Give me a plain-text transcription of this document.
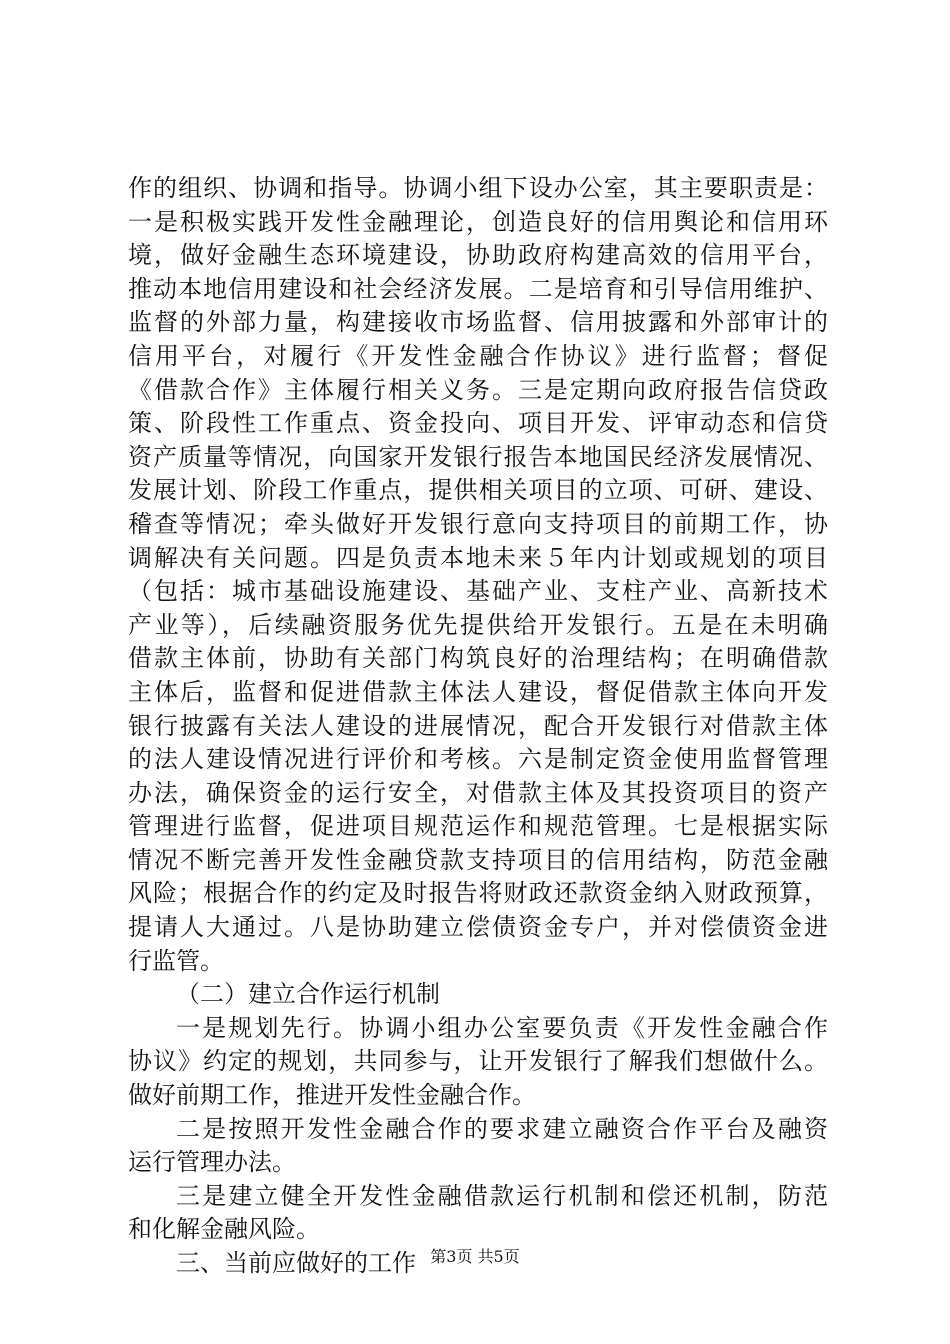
作的组织、协调和指导。协调小组下设办公室，其主要职责是：
一是积极实践开发性金融理论，创造良好的信用舆论和信用环
境，做好金融生态环境建设，协助政府构建高效的信用平台，
推动本地信用建设和社会经济发展。二是培育和引导信用维护、
监督的外部力量，构建接收市场监督、信用披露和外部审计的
信用平台，对履行《开发性金融合作协议》进行监督；督促
《借款合作》主体履行相关义务。三是定期向政府报告信贷政
策、阶段性工作重点、资金投向、项目开发、评审动态和信贷
资产质量等情况，向国家开发银行报告本地国民经济发展情况、
发展计划、阶段工作重点，提供相关项目的立项、可研、建设、
稽查等情况；牵头做好开发银行意向支持项目的前期工作，协
调解决有关问题。四是负责本地未来５年内计划或规划的项目
（包括：城市基础设施建设、基础产业、支柱产业、高新技术
产业等），后续融资服务优先提供给开发银行。五是在未明确
借款主体前，协助有关部门构筑良好的治理结构；在明确借款
主体后，监督和促进借款主体法人建设，督促借款主体向开发
银行披露有关法人建设的进展情况，配合开发银行对借款主体
的法人建设情况进行评价和考核。六是制定资金使用监督管理
办法，确保资金的运行安全，对借款主体及其投资项目的资产
管理进行监督，促进项目规范运作和规范管理。七是根据实际
情况不断完善开发性金融贷款支持项目的信用结构，防范金融
风险；根据合作的约定及时报告将财政还款资金纳入财政预算，
提请人大通过。八是协助建立偿债资金专户，并对偿债资金进
行监管。
（二）建立合作运行机制
一是规划先行。协调小组办公室要负责《开发性金融合作
协议》约定的规划，共同参与，让开发银行了解我们想做什么。
做好前期工作，推进开发性金融合作。
二是按照开发性金融合作的要求建立融资合作平台及融资
运行管理办法。
三是建立健全开发性金融借款运行机制和偿还机制，防范
和化解金融风险。
三、当前应做好的工作 第3页 共5页
